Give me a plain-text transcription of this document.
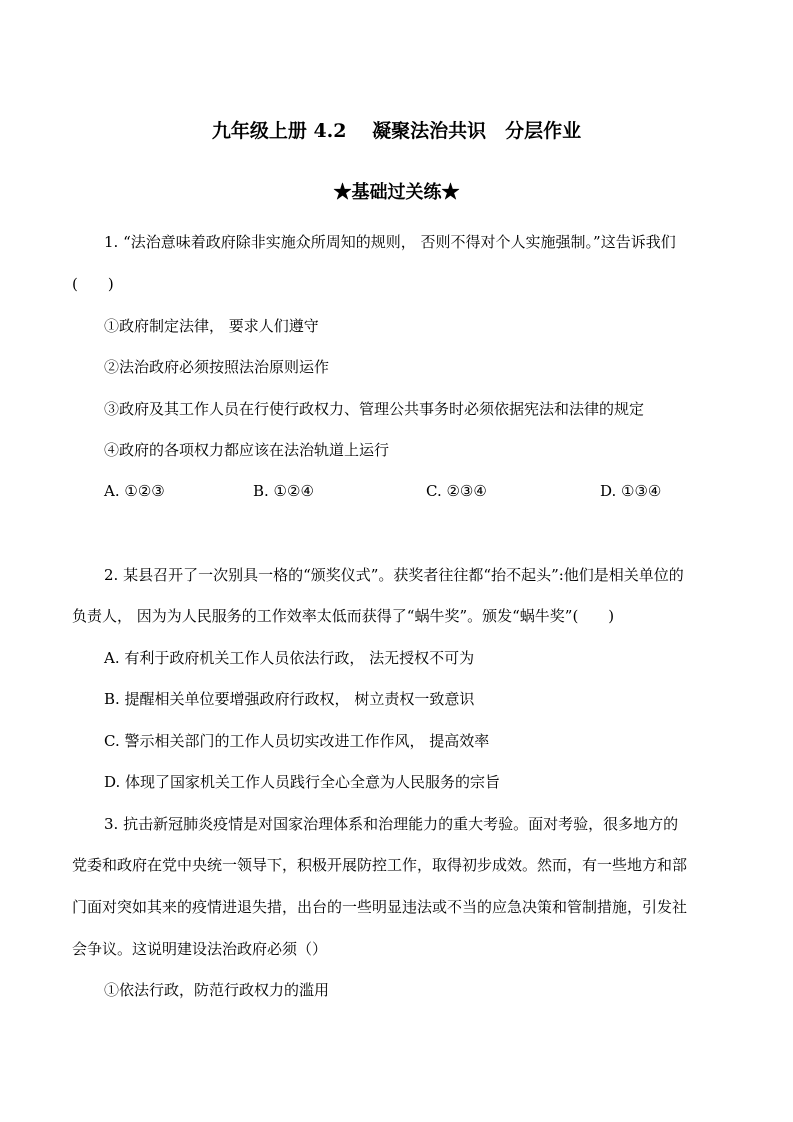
九年级上册 4.2　 凝聚法治共识　分层作业
★基础过关练★
1. “法治意味着政府除非实施众所周知的规则， 否则不得对个人实施强制。”这告诉我们
(　　)
①政府制定法律， 要求人们遵守
②法治政府必须按照法治原则运作
③政府及其工作人员在行使行政权力、管理公共事务时必须依据宪法和法律的规定
④政府的各项权力都应该在法治轨道上运行
A. ①②③	B. ①②④	C. ②③④	D. ①③④
2. 某县召开了一次别具一格的“颁奖仪式”。获奖者往往都“抬不起头”:他们是相关单位的
负责人， 因为为人民服务的工作效率太低而获得了“蜗牛奖”。颁发“蜗牛奖”(　　)
A. 有利于政府机关工作人员依法行政， 法无授权不可为
B. 提醒相关单位要增强政府行政权， 树立责权一致意识
C. 警示相关部门的工作人员切实改进工作作风， 提高效率
D. 体现了国家机关工作人员践行全心全意为人民服务的宗旨
3. 抗击新冠肺炎疫情是对国家治理体系和治理能力的重大考验。面对考验，很多地方的
党委和政府在党中央统一领导下，积极开展防控工作，取得初步成效。然而，有一些地方和部
门面对突如其来的疫情进退失措，出台的一些明显违法或不当的应急决策和管制措施，引发社
会争议。这说明建设法治政府必须（）
①依法行政，防范行政权力的滥用
